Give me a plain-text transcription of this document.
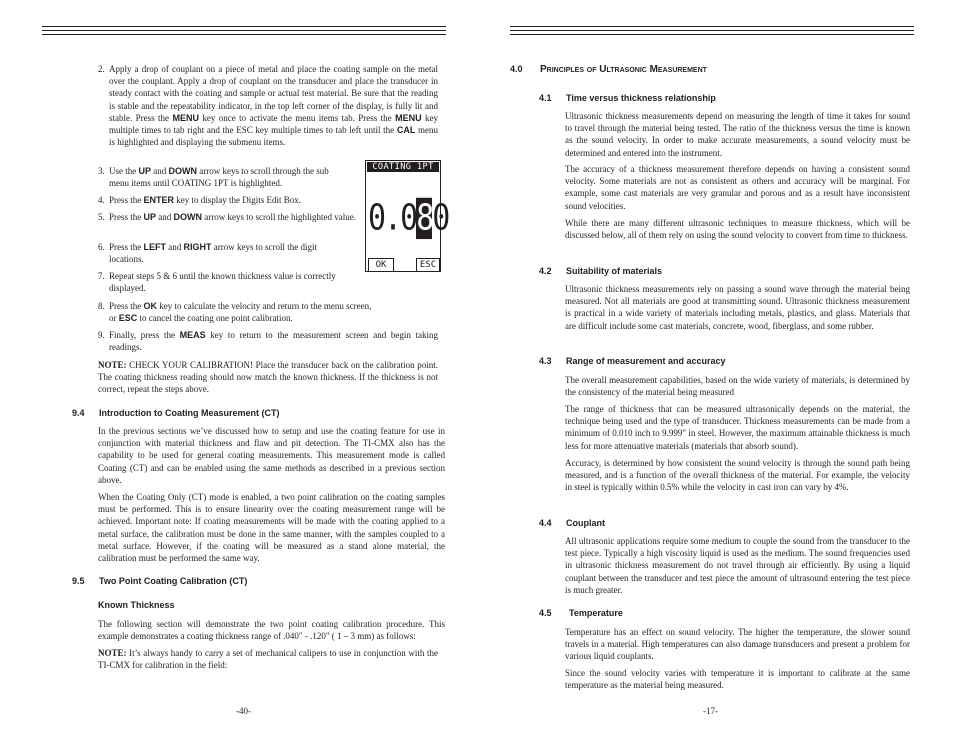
2. Apply a drop of couplant on a piece of metal and place the coating sample on the metal over the couplant. Apply a drop of couplant on the transducer and place the transducer in steady contact with the coating and sample or actual test material. Be sure that the reading is stable and the repeatability indicator, in the top left corner of the display, is fully lit and stable. Press the MENU key once to activate the menu items tab. Press the MENU key multiple times to tab right and the ESC key multiple times to tab left until the CAL menu is highlighted and displaying the submenu items.

3. Use the UP and DOWN arrow keys to scroll through the sub menu items until COATING 1PT is highlighted.

4. Press the ENTER key to display the Digits Edit Box.

5. Press the UP and DOWN arrow keys to scroll the highlighted value.

6. Press the LEFT and RIGHT arrow keys to scroll the digit locations.

7. Repeat steps 5 & 6 until the known thickness value is correctly displayed.

8. Press the OK key to calculate the velocity and return to the menu screen, or ESC to cancel the coating one point calibration.

9. Finally, press the MEAS key to return to the measurement screen and begin taking readings.

NOTE: CHECK YOUR CALIBRATION! Place the transducer back on the calibration point. The coating thickness reading should now match the known thickness. If the thickness is not correct, repeat the steps above.

9.4 Introduction to Coating Measurement (CT)

In the previous sections we’ve discussed how to setup and use the coating feature for use in conjunction with material thickness and flaw and pit detection. The TI-CMX also has the capability to be used for general coating measurements. This measurement mode is called Coating (CT) and can be enabled using the same methods as described in a previous section above.

When the Coating Only (CT) mode is enabled, a two point calibration on the coating samples must be performed. This is to ensure linearity over the coating measurement range will be achieved. Important note: If coating measurements will be made with the coating applied to a metal surface, the calibration must be done in the same manner, with the samples coupled to a metal surface. However, if the coating will be measured as a stand alone material, the calibration must be performed the same way.

9.5 Two Point Coating Calibration (CT)
Known Thickness

The following section will demonstrate the two point coating calibration procedure. This example demonstrates a coating thickness range of .040" - .120" ( 1 – 3 mm) as follows:

NOTE: It’s always handy to carry a set of mechanical calipers to use in conjunction with the TI-CMX for calibration in the field:

-40-
COATING 1PT
0.080
OK	ESC
4.0 Principles of Ultrasonic Measurement
4.1 Time versus thickness relationship

Ultrasonic thickness measurements depend on measuring the length of time it takes for sound to travel through the material being tested. The ratio of the thickness versus the time is known as the sound velocity. In order to make accurate measurements, a sound velocity must be determined and entered into the instrument.

The accuracy of a thickness measurement therefore depends on having a consistent sound velocity. Some materials are not as consistent as others and accuracy will be marginal. For example, some cast materials are very granular and porous and as a result have inconsistent sound velocities.

While there are many different ultrasonic techniques to measure thickness, which will be discussed below, all of them rely on using the sound velocity to convert from time to thickness.

4.2 Suitability of materials

Ultrasonic thickness measurements rely on passing a sound wave through the material being measured. Not all materials are good at transmitting sound. Ultrasonic thickness measurement is practical in a wide variety of materials including metals, plastics, and glass. Materials that are difficult include some cast materials, concrete, wood, fiberglass, and some rubber.

4.3 Range of measurement and accuracy

The overall measurement capabilities, based on the wide variety of materials, is determined by the consistency of the material being measured

The range of thickness that can be measured ultrasonically depends on the material, the technique being used and the type of transducer. Thickness measurements can be made from a minimum of 0.010 inch to 9.999" in steel. However, the maximum attainable thickness is much less for more attenuative materials (materials that absorb sound).

Accuracy, is determined by how consistent the sound velocity is through the sound path being measured, and is a function of the overall thickness of the material. For example, the velocity in steel is typically within 0.5% while the velocity in cast iron can vary by 4%.

4.4 Couplant

All ultrasonic applications require some medium to couple the sound from the transducer to the test piece. Typically a high viscosity liquid is used as the medium. The sound frequencies used in ultrasonic thickness measurement do not travel through air efficiently. By using a liquid couplant between the transducer and test piece the amount of ultrasound entering the test piece is much greater.

4.5 Temperature

Temperature has an effect on sound velocity. The higher the temperature, the slower sound travels in a material. High temperatures can also damage transducers and present a problem for various liquid couplants.

Since the sound velocity varies with temperature it is important to calibrate at the same temperature as the material being measured.

-17-
